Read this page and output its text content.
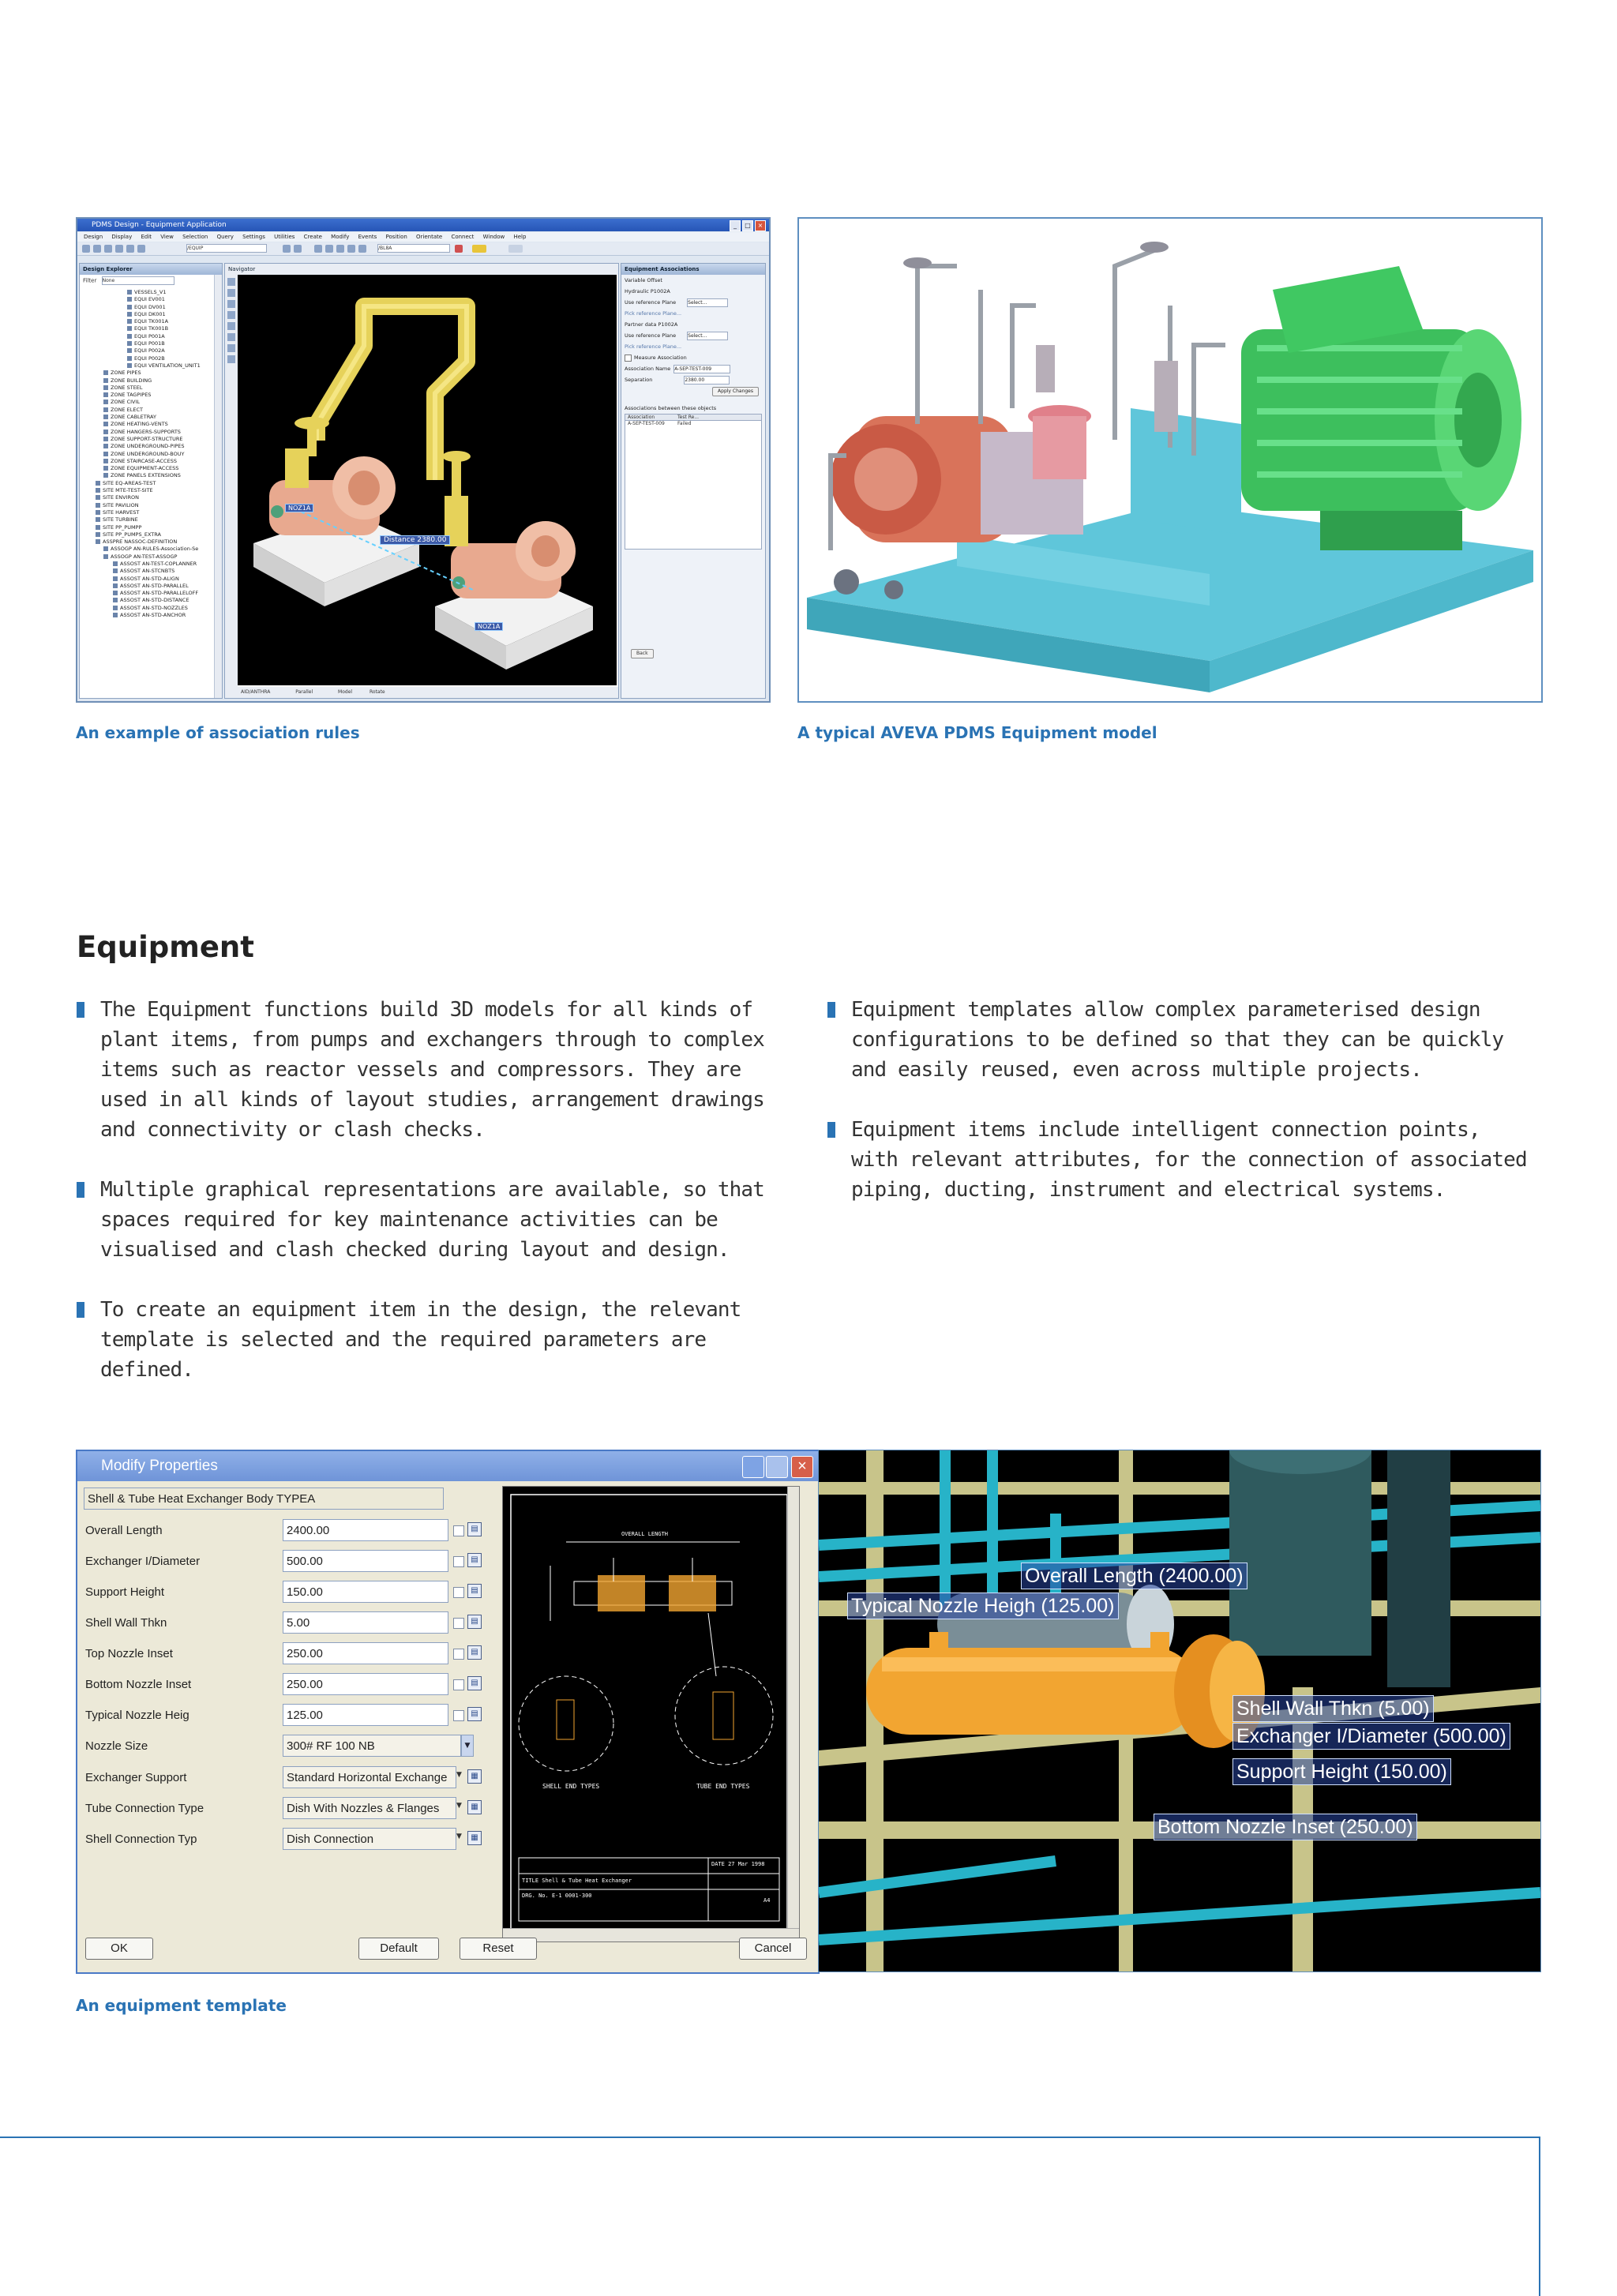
PDMS Design - Equipment Application	_	□	×
Design Display Edit View Selection Query Settings Utilities Create Modify Events Position Orientate Connect Window Help
/EQUIP	/BL8A
Design Explorer
Filter None
VESSELS_V1
EQUI EV001
EQUI DV001
EQUI DK001
EQUI TK001A
EQUI TK001B
EQUI P001A
EQUI P001B
EQUI P002A
EQUI P002B
EQUI VENTILATION_UNIT1
ZONE PIPES
ZONE BUILDING
ZONE STEEL
ZONE TAGPIPES
ZONE CIVIL
ZONE ELECT
ZONE CABLETRAY
ZONE HEATING-VENTS
ZONE HANGERS-SUPPORTS
ZONE SUPPORT-STRUCTURE
ZONE UNDERGROUND-PIPES
ZONE UNDERGROUND-BOUY
ZONE STAIRCASE-ACCESS
ZONE EQUIPMENT-ACCESS
ZONE PANELS EXTENSIONS
SITE EQ-AREAS-TEST
SITE MTE-TEST-SITE
SITE ENVIRON
SITE PAVILION
SITE HARVEST
SITE TURBINE
SITE PP_PUMPP
SITE PP_PUMPS_EXTRA
ASSPRE NASSOC-DEFINITION
ASSOGP AN-RULES-Association-Se
ASSOGP AN-TEST-ASSOGP
ASSOST AN-TEST-COPLANNER
ASSOST AN-STCNBTS
ASSOST AN-STD-ALIGN
ASSOST AN-STD-PARALLEL
ASSOST AN-STD-PARALLELOFF
ASSOST AN-STD-DISTANCE
ASSOST AN-STD-NOZZLES
ASSOST AN-STD-ANCHOR
Navigator
NOZ1A
NOZ1A
Distance 2380.00
AID/ANTHRA	Parallel	Model	Rotate
Equipment Associations
Variable Offset
Hydraulic P1002A
Use reference Plane	Select...
Pick reference Plane...
Partner data P1002A
Use reference Plane	Select...
Pick reference Plane...
Measure Association
Association Name A-SEP-TEST-009
Separation	2380.00
Apply Changes
Associations between these objects
Association	Test Re...
A-SEP-TEST-009	Failed
Back
An example of association rules	A typical AVEVA PDMS Equipment model
Equipment
The Equipment functions build 3D models for all kinds of plant items, from pumps and exchangers through to complex items such as reactor vessels and compressors. They are used in all kinds of layout studies, arrangement drawings and connectivity or clash checks.
Multiple graphical representations are available, so that spaces required for key maintenance activities can be visualised and clash checked during layout and design.
To create an equipment item in the design, the relevant template is selected and the required parameters are defined.
Equipment templates allow complex parameterised design configurations to be defined so that they can be quickly and easily reused, even across multiple projects.
Equipment items include intelligent connection points, with relevant attributes, for the connection of associated piping, ducting, instrument and electrical systems.
Modify Properties	×
Shell & Tube Heat Exchanger Body TYPEA
Overall Length	2400.00	▤
Exchanger I/Diameter	500.00	▤
Support Height	150.00	▤
Shell Wall Thkn	5.00	▤
Top Nozzle Inset	250.00	▤
Bottom Nozzle Inset	250.00	▤
Typical Nozzle Heig	125.00	▤
Nozzle Size	300# RF 100 NB	▼
Exchanger Support	Standard Horizontal Exchange	▼	▦
Tube Connection Type	Dish With Nozzles & Flanges	▼	▦
Shell Connection Typ	Dish Connection	▼	▦
OVERALL LENGTH
SHELL END TYPES	TUBE END TYPES
TITLE Shell & Tube Heat Exchanger
DRG. No. E-1 0001-300
DATE 27 Mar 1998
A4
OK	Default	Reset	Cancel
Overall Length (2400.00)
Typical Nozzle Heigh (125.00)
Shell Wall Thkn (5.00)
Exchanger I/Diameter (500.00)
Support Height (150.00)
Bottom Nozzle Inset (250.00)
An equipment template
